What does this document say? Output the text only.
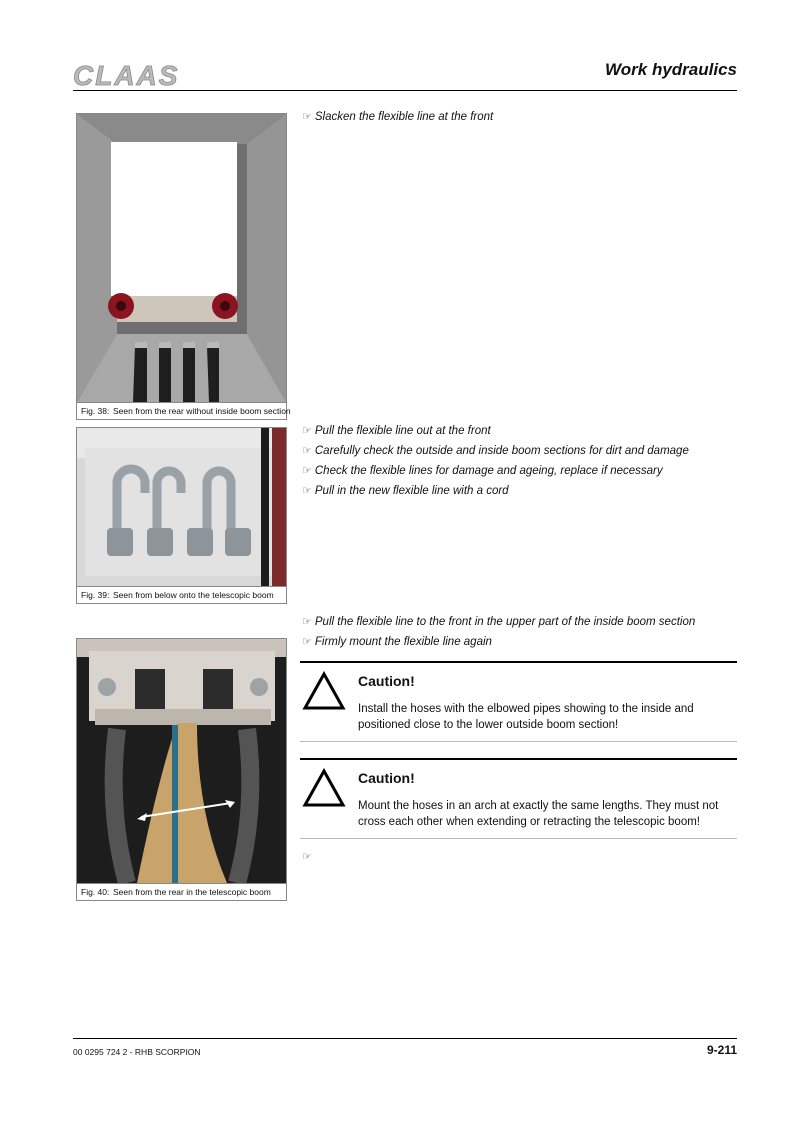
CLAAS	Work hydraulics
Fig. 38: Seen from the rear without inside boom section
Fig. 39: Seen from below onto the telescopic boom
Fig. 40: Seen from the rear in the telescopic boom
☞ Slacken the flexible line at the front
☞ Pull the flexible line out at the front
☞ Carefully check the outside and inside boom sections for dirt and damage
☞ Check the flexible lines for damage and ageing, replace if necessary
☞ Pull in the new flexible line with a cord
☞ Pull the flexible line to the front in the upper part of the inside boom section
☞ Firmly mount the flexible line again
Caution!
Install the hoses with the elbowed pipes showing to the inside and positioned close to the lower outside boom section!
Caution!
Mount the hoses in an arch at exactly the same lengths. They must not cross each other when extending or retracting the telescopic boom!
☞
00 0295 724 2 - RHB SCORPION	9-211
